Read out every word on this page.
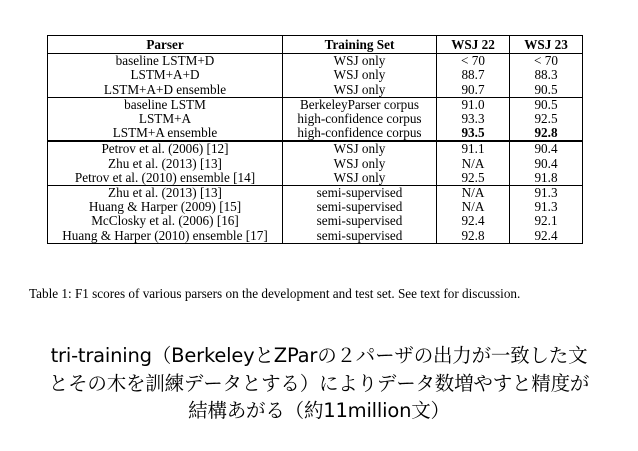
Parser	Training Set	WSJ 22	WSJ 23
baseline LSTM+D	WSJ only	< 70	< 70
LSTM+A+D	WSJ only	88.7	88.3
LSTM+A+D ensemble	WSJ only	90.7	90.5
baseline LSTM	BerkeleyParser corpus	91.0	90.5
LSTM+A	high-confidence corpus	93.3	92.5
LSTM+A ensemble	high-confidence corpus	93.5	92.8
Petrov et al. (2006) [12]	WSJ only	91.1	90.4
Zhu et al. (2013) [13]	WSJ only	N/A	90.4
Petrov et al. (2010) ensemble [14]	WSJ only	92.5	91.8
Zhu et al. (2013) [13]	semi-supervised	N/A	91.3
Huang & Harper (2009) [15]	semi-supervised	N/A	91.3
McClosky et al. (2006) [16]	semi-supervised	92.4	92.1
Huang & Harper (2010) ensemble [17]	semi-supervised	92.8	92.4
Table 1: F1 scores of various parsers on the development and test set. See text for discussion.
tri-training（BerkeleyとZParの２パーザの出力が一致した文
とその木を訓練データとする）によりデータ数増やすと精度が
結構あがる（約11million文）
